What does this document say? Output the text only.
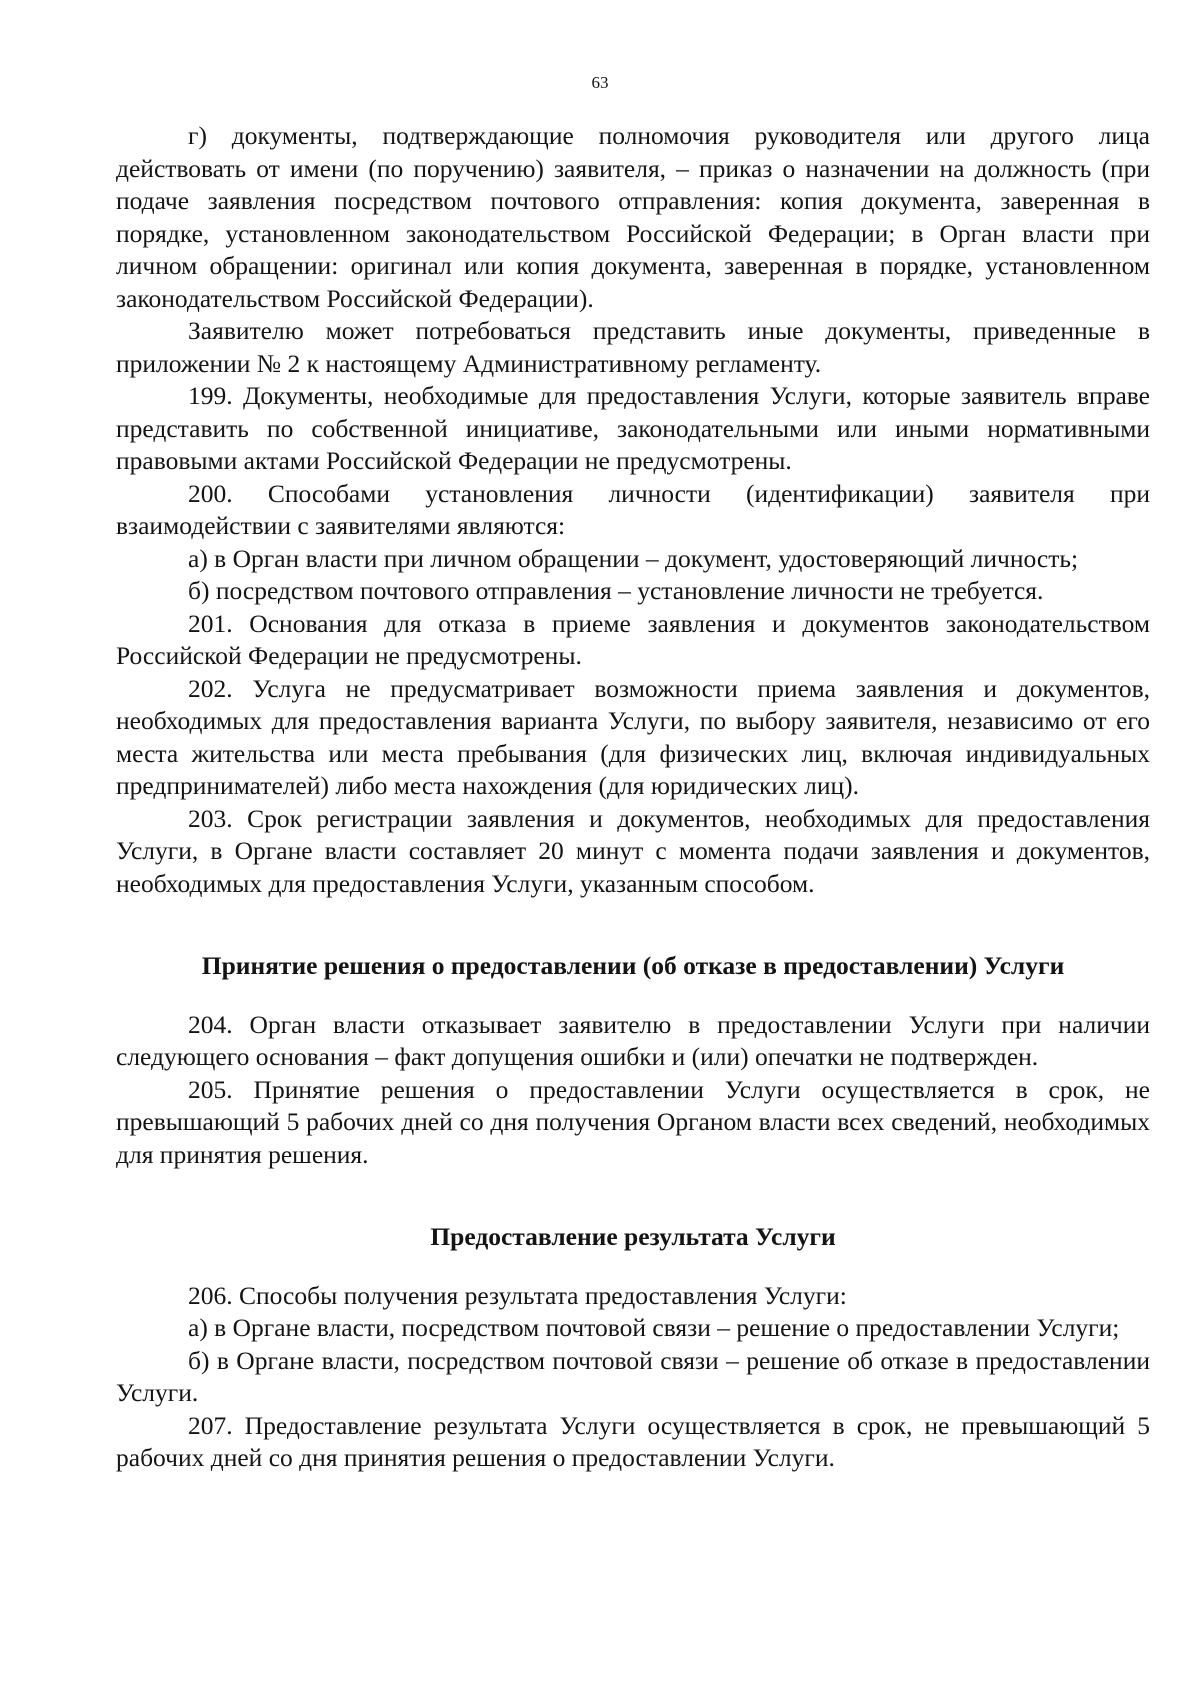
63

г) документы, подтверждающие полномочия руководителя или другого лица действовать от имени (по поручению) заявителя, – приказ о назначении на должность (при подаче заявления посредством почтового отправления: копия документа, заверенная в порядке, установленном законодательством Российской Федерации; в Орган власти при личном обращении: оригинал или копия документа, заверенная в порядке, установленном законодательством Российской Федерации).

Заявителю может потребоваться представить иные документы, приведенные в приложении № 2 к настоящему Административному регламенту.

199. Документы, необходимые для предоставления Услуги, которые заявитель вправе представить по собственной инициативе, законодательными или иными нормативными правовыми актами Российской Федерации не предусмотрены.

200. Способами установления личности (идентификации) заявителя при взаимодействии с заявителями являются:

а) в Орган власти при личном обращении – документ, удостоверяющий личность;

б) посредством почтового отправления – установление личности не требуется.

201. Основания для отказа в приеме заявления и документов законодательством Российской Федерации не предусмотрены.

202. Услуга не предусматривает возможности приема заявления и документов, необходимых для предоставления варианта Услуги, по выбору заявителя, независимо от его места жительства или места пребывания (для физических лиц, включая индивидуальных предпринимателей) либо места нахождения (для юридических лиц).

203. Срок регистрации заявления и документов, необходимых для предоставления Услуги, в Органе власти составляет 20 минут с момента подачи заявления и документов, необходимых для предоставления Услуги, указанным способом.

Принятие решения о предоставлении (об отказе в предоставлении) Услуги

204. Орган власти отказывает заявителю в предоставлении Услуги при наличии следующего основания – факт допущения ошибки и (или) опечатки не подтвержден.

205. Принятие решения о предоставлении Услуги осуществляется в срок, не превышающий 5 рабочих дней со дня получения Органом власти всех сведений, необходимых для принятия решения.

Предоставление результата Услуги

206. Способы получения результата предоставления Услуги:

а) в Органе власти, посредством почтовой связи – решение о предоставлении Услуги;

б) в Органе власти, посредством почтовой связи – решение об отказе в предоставлении Услуги.

207. Предоставление результата Услуги осуществляется в срок, не превышающий 5 рабочих дней со дня принятия решения о предоставлении Услуги.
